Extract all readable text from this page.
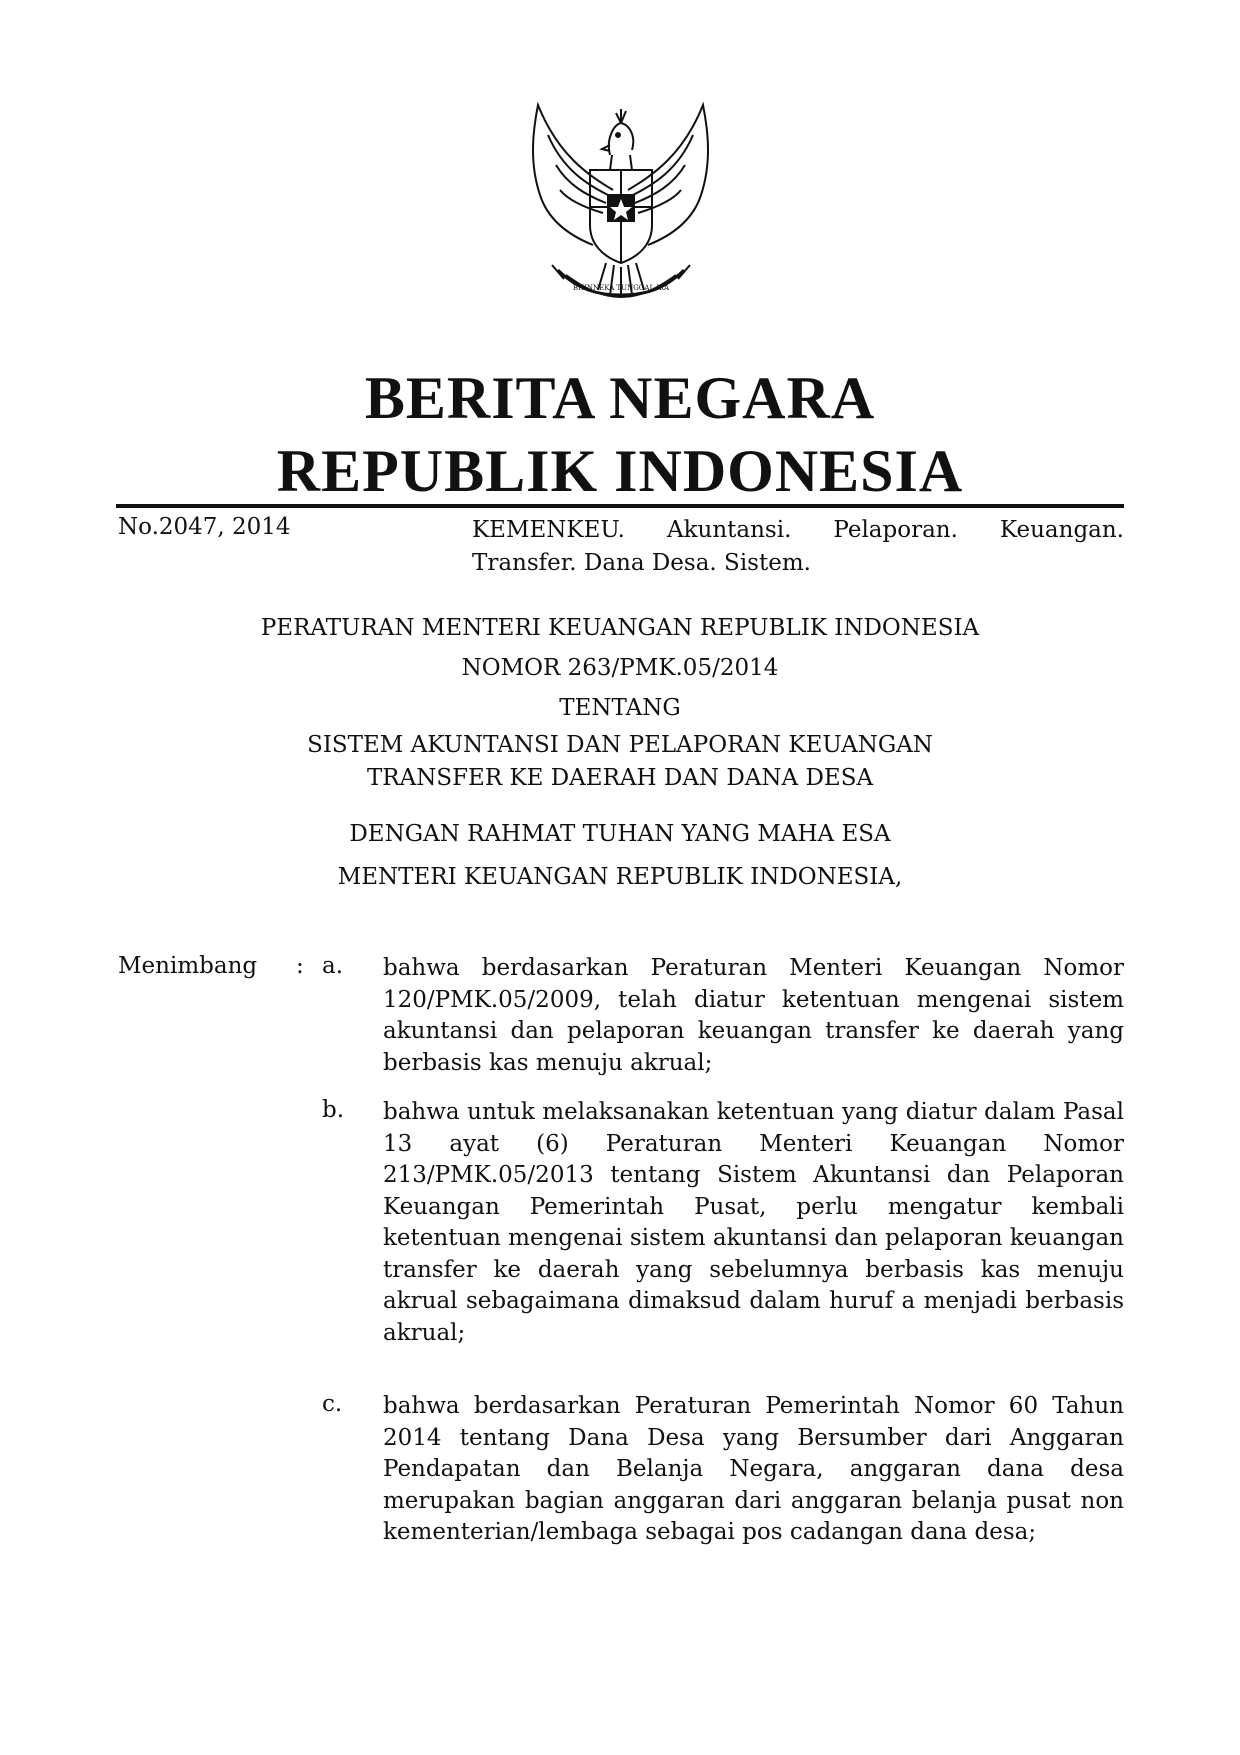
BHINNEKA TUNGGAL IKA
BERITA NEGARA
REPUBLIK INDONESIA
No.2047, 2014	KEMENKEU. Akuntansi. Pelaporan. Keuangan. Transfer. Dana Desa. Sistem.
PERATURAN MENTERI KEUANGAN REPUBLIK INDONESIA
NOMOR 263/PMK.05/2014
TENTANG
SISTEM AKUNTANSI DAN PELAPORAN KEUANGAN
TRANSFER KE DAERAH DAN DANA DESA
DENGAN RAHMAT TUHAN YANG MAHA ESA
MENTERI KEUANGAN REPUBLIK INDONESIA,
Menimbang : a. bahwa berdasarkan Peraturan Menteri Keuangan Nomor 120/PMK.05/2009, telah diatur ketentuan mengenai sistem akuntansi dan pelaporan keuangan transfer ke daerah yang berbasis kas menuju akrual;
b. bahwa untuk melaksanakan ketentuan yang diatur dalam Pasal 13 ayat (6) Peraturan Menteri Keuangan Nomor 213/PMK.05/2013 tentang Sistem Akuntansi dan Pelaporan Keuangan Pemerintah Pusat, perlu mengatur kembali ketentuan mengenai sistem akuntansi dan pelaporan keuangan transfer ke daerah yang sebelumnya berbasis kas menuju akrual sebagaimana dimaksud dalam huruf a menjadi berbasis akrual;
c. bahwa berdasarkan Peraturan Pemerintah Nomor 60 Tahun 2014 tentang Dana Desa yang Bersumber dari Anggaran Pendapatan dan Belanja Negara, anggaran dana desa merupakan bagian anggaran dari anggaran belanja pusat non kementerian/lembaga sebagai pos cadangan dana desa;
